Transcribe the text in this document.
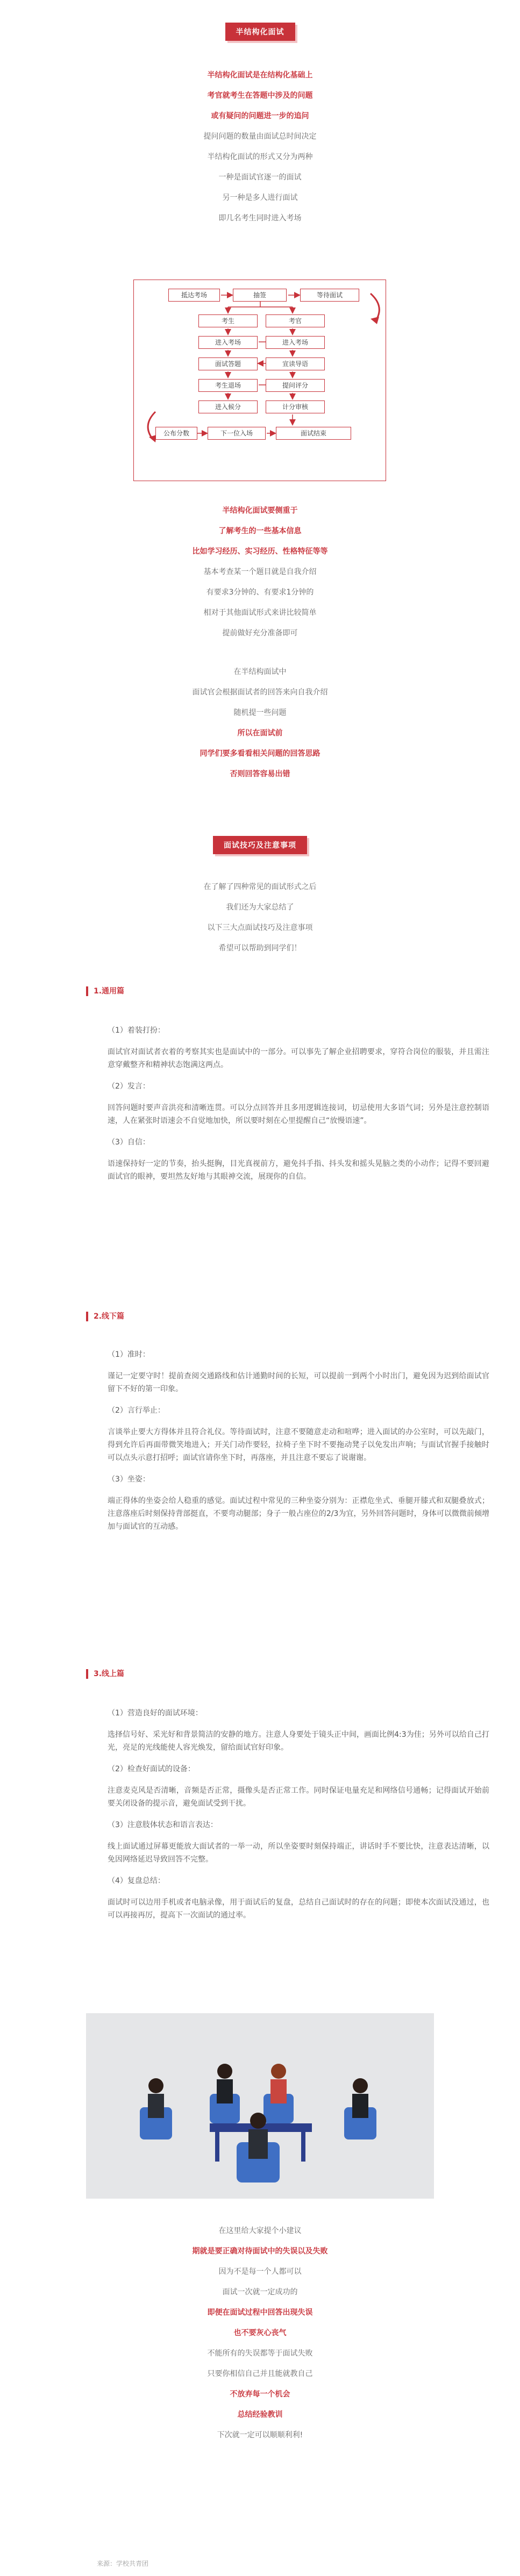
半结构化面试

半结构化面试是在结构化基础上

考官就考生在答题中涉及的问题

或有疑问的问题进一步的追问

提问问题的数量由面试总时间决定

半结构化面试的形式又分为两种

一种是面试官逐一的面试

另一种是多人进行面试

即几名考生同时进入考场

抵达考场	抽签	等待面试
考生
进入考场
面试答题
考生退场
进入候分
考官
进入考场
宣读导语
提问评分
计分审核
公布分数	下一位入场	面试结束

半结构化面试要侧重于

了解考生的一些基本信息

比如学习经历、实习经历、性格特征等等

基本考查某一个题目就是自我介绍

有要求3分钟的、有要求1分钟的

相对于其他面试形式来讲比较简单

提前做好充分准备即可

在半结构面试中

面试官会根据面试者的回答来向自我介绍

随机提一些问题

所以在面试前

同学们要多看看相关问题的回答思路

否则回答容易出错

面试技巧及注意事项

在了解了四种常见的面试形式之后

我们还为大家总结了

以下三大点面试技巧及注意事项

希望可以帮助到同学们！

1.通用篇
（1）着装打扮：
面试官对面试者衣着的考察其实也是面试中的一部分。可以事先了解企业招聘要求，穿符合岗位的服装，并且需注意穿戴整齐和精神状态饱满这两点。
（2）发言：
回答问题时要声音洪亮和清晰连贯。可以分点回答并且多用逻辑连接词，切忌使用大多语气词；另外是注意控制语速，人在紧张时语速会不自觉地加快，所以要时刻在心里提醒自己“放慢语速”。
（3）自信：
语速保持好一定的节奏，抬头挺胸，目光真视前方，避免抖手指、抖头发和摇头晃脑之类的小动作；记得不要回避面试官的眼神，要坦然友好地与其眼神交流，展现你的自信。
2.线下篇
（1）准时：
谨记一定要守时！提前查阅交通路线和估计通勤时间的长短，可以提前一到两个小时出门，避免因为迟到给面试官留下不好的第一印象。
（2）言行举止：
言谈举止要大方得体并且符合礼仪。等待面试时，注意不要随意走动和喧哗；进入面试的办公室时，可以先敲门，得到允许后再面带微笑地进入；开关门动作要轻，拉椅子坐下时不要拖动凳子以免发出声响；与面试官握手接触时可以点头示意打招呼；面试官请你坐下时，再落座，并且注意不要忘了说谢谢。
（3）坐姿：
端正得体的坐姿会给人稳重的感觉。面试过程中常见的三种坐姿分别为：正襟危坐式、垂腿开膝式和双腿叠放式；注意落座后时刻保持背部挺直，不要弯动腿部；身子一般占座位的2/3为宜，另外回答问题时，身体可以微微前倾增加与面试官的互动感。
3.线上篇
（1）营造良好的面试环境：
选择信号好、采光好和背景简洁的安静的地方。注意人身要处于镜头正中间，画面比例4:3为佳；另外可以给自己打光，亮足的光线能使人容光焕发，留给面试官好印象。
（2）检查好面试的设备：
注意麦克风是否清晰，音频是否正常，摄像头是否正常工作。同时保证电量充足和网络信号通畅；记得面试开始前要关闭设备的提示音，避免面试受到干扰。
（3）注意肢体状态和语言表达：
线上面试通过屏幕更能放大面试者的一举一动，所以坐姿要时刻保持端正，讲话时手不要比快，注意表达清晰，以免因网络延迟导致回答不完整。
（4）复盘总结：
面试时可以边用手机或者电脑录像，用于面试后的复盘，总结自己面试时的存在的问题；即使本次面试没通过，也可以再接再厉，提高下一次面试的通过率。

在这里给大家提个小建议

期就是要正确对待面试中的失误以及失败

因为不是每一个人都可以

面试一次就一定成功的

即便在面试过程中回答出现失误

也不要灰心丧气

不能所有的失误都等于面试失败

只要你相信自己并且能就教自己

不放弃每一个机会

总结经验教训

下次就一定可以顺顺利利!

来源：学校共青团
